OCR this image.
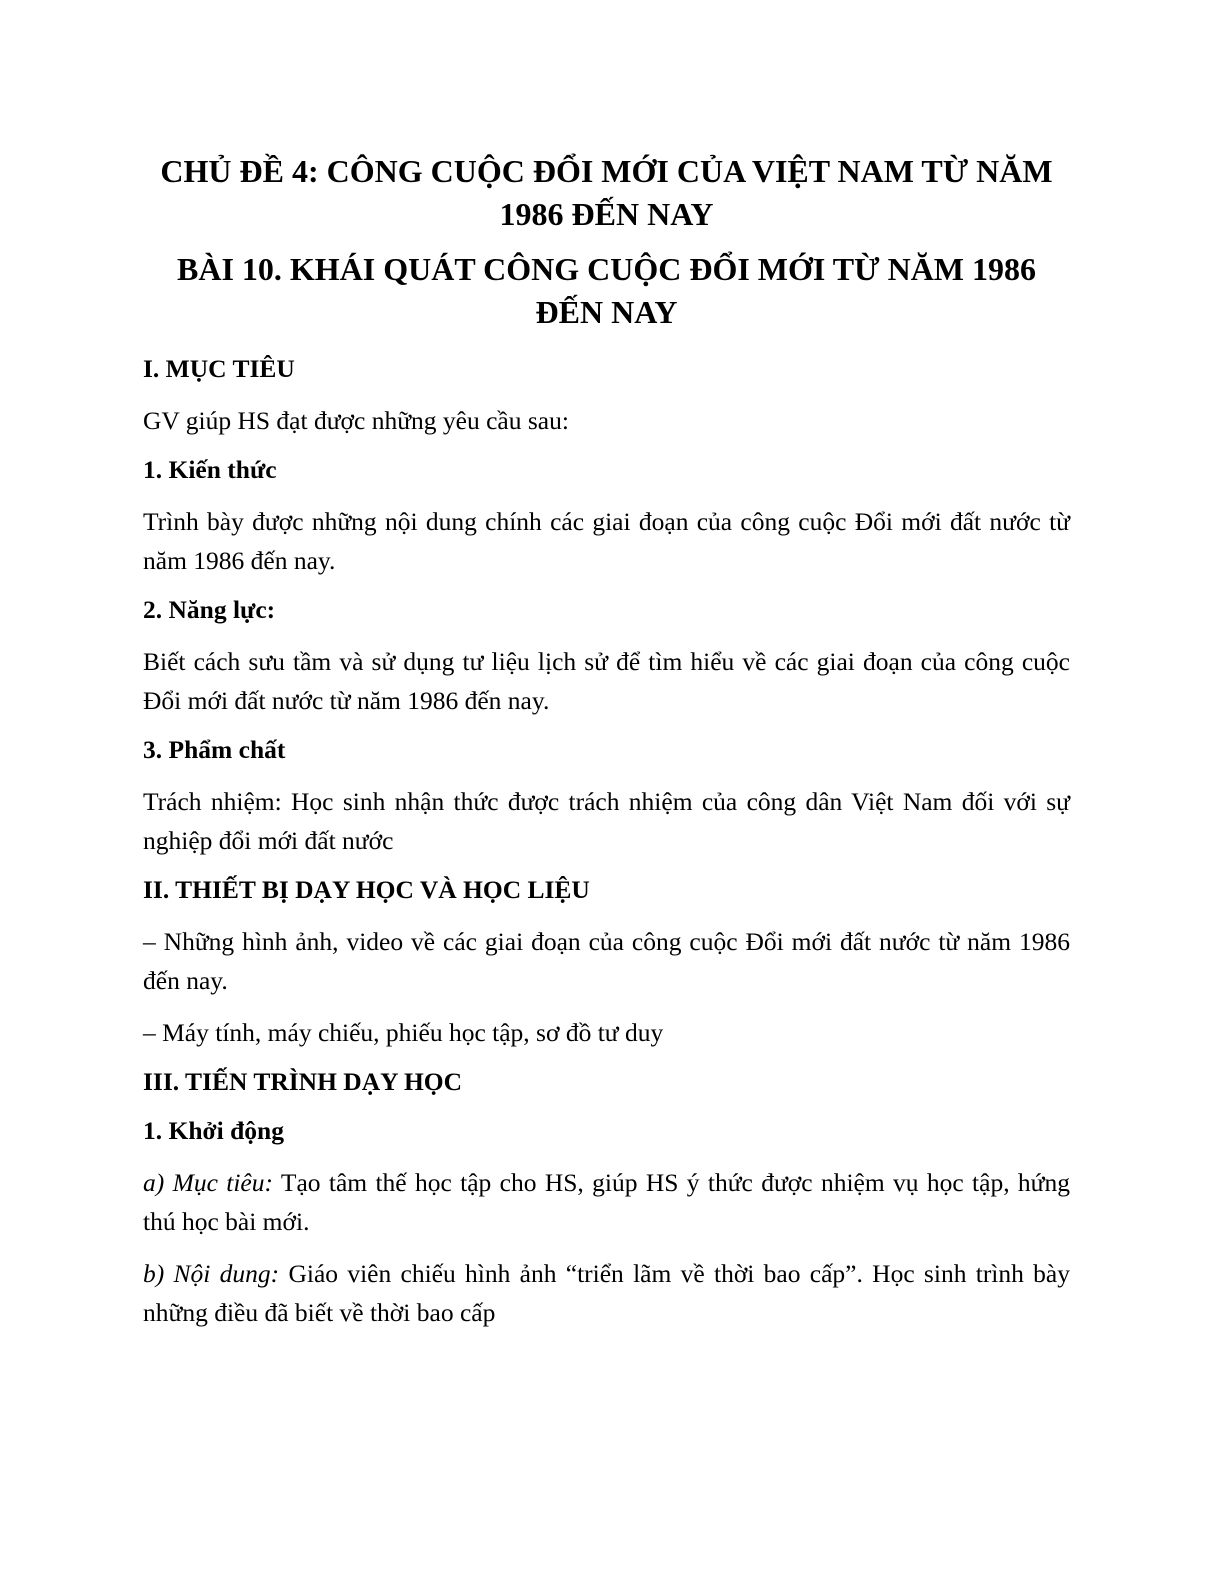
CHỦ ĐỀ 4: CÔNG CUỘC ĐỔI MỚI CỦA VIỆT NAM TỪ NĂM 1986 ĐẾN NAY
BÀI 10. KHÁI QUÁT CÔNG CUỘC ĐỔI MỚI TỪ NĂM 1986 ĐẾN NAY
I. MỤC TIÊU

GV giúp HS đạt được những yêu cầu sau:

1. Kiến thức

Trình bày được những nội dung chính các giai đoạn của công cuộc Đổi mới đất nước từ năm 1986 đến nay.

2. Năng lực:

Biết cách sưu tầm và sử dụng tư liệu lịch sử để tìm hiểu về các giai đoạn của công cuộc Đổi mới đất nước từ năm 1986 đến nay.

3. Phẩm chất

Trách nhiệm: Học sinh nhận thức được trách nhiệm của công dân Việt Nam đối với sự nghiệp đổi mới đất nước

II. THIẾT BỊ DẠY HỌC VÀ HỌC LIỆU

– Những hình ảnh, video về các giai đoạn của công cuộc Đổi mới đất nước từ năm 1986 đến nay.

– Máy tính, máy chiếu, phiếu học tập, sơ đồ tư duy

III. TIẾN TRÌNH DẠY HỌC
1. Khởi động

a) Mục tiêu: Tạo tâm thế học tập cho HS, giúp HS ý thức được nhiệm vụ học tập, hứng thú học bài mới.

b) Nội dung: Giáo viên chiếu hình ảnh “triển lãm về thời bao cấp”. Học sinh trình bày những điều đã biết về thời bao cấp
